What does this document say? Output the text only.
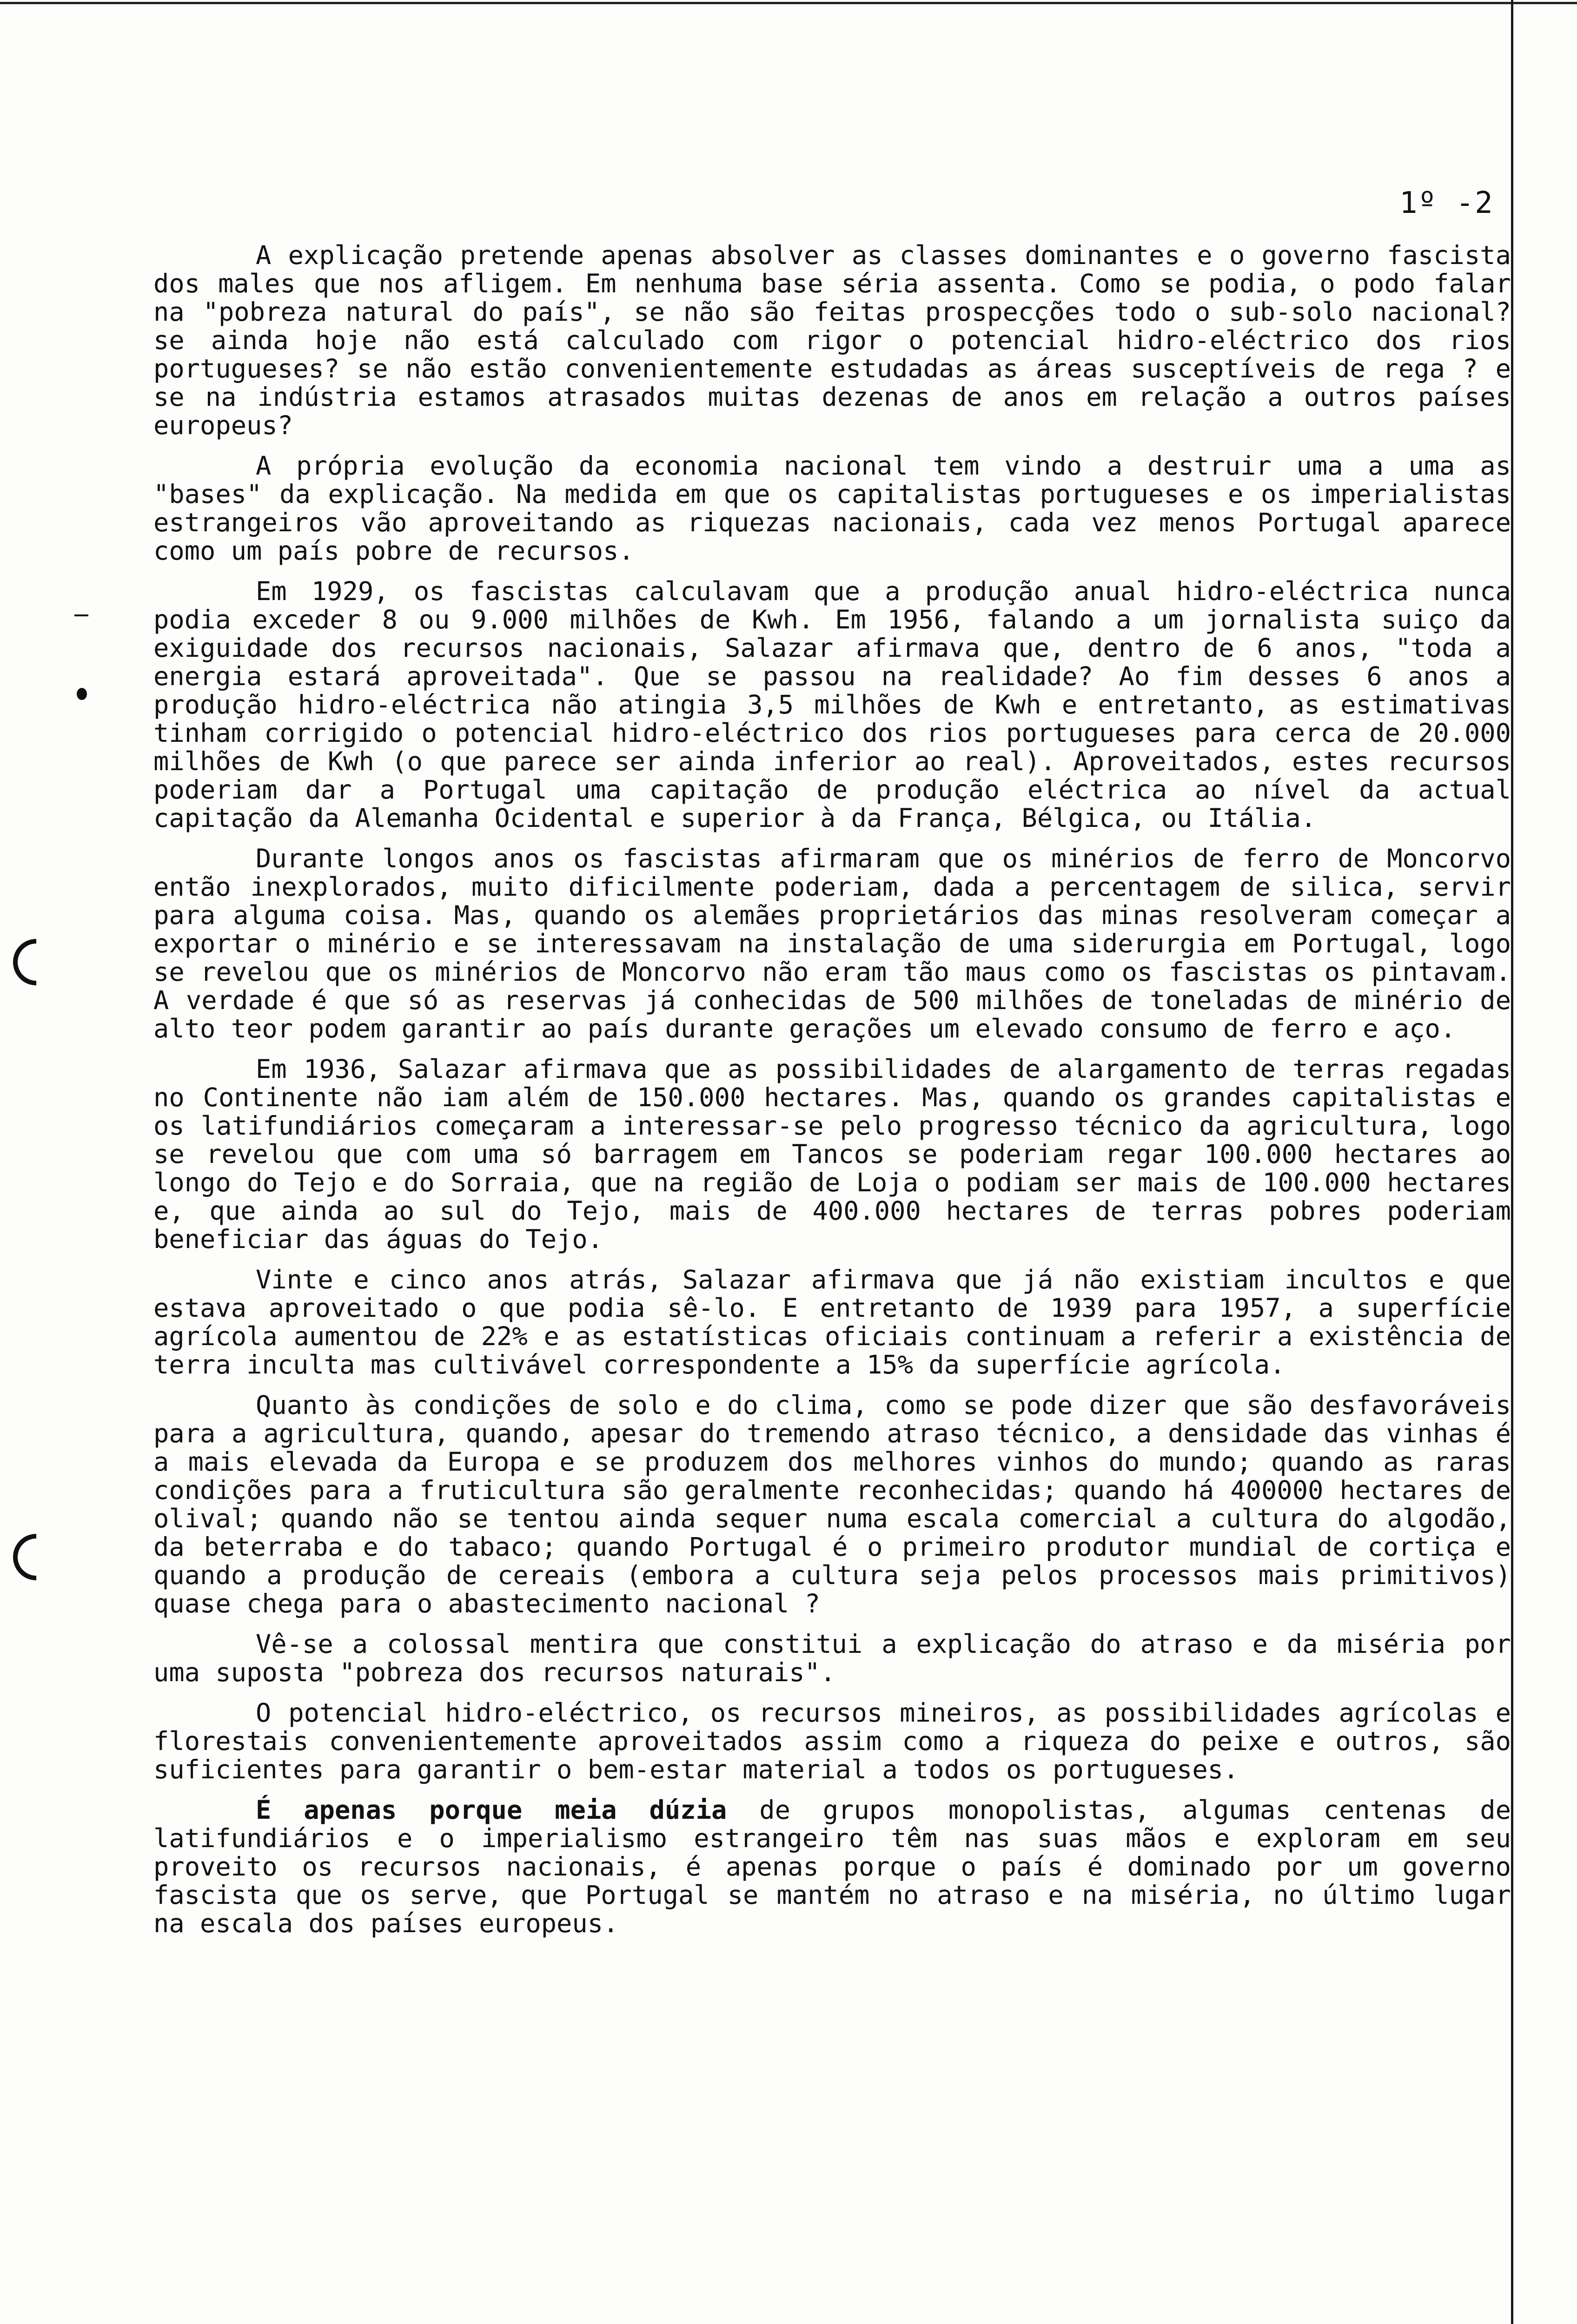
1º -2

A explicação pretende apenas absolver as classes dominantes e o governo fascista dos males que nos afligem. Em nenhuma base séria assenta. Como se podia, o podo falar na "pobreza natural do país", se não são feitas prospecções todo o sub-solo nacional? se ainda hoje não está calculado com rigor o potencial hidro-eléctrico dos rios portugueses? se não estão convenientemente estudadas as áreas susceptíveis de rega ? e se na indústria estamos atrasados muitas dezenas de anos em relação a outros países europeus?

A própria evolução da economia nacional tem vindo a destruir uma a uma as "bases" da explicação. Na medida em que os capitalistas portugueses e os imperialistas estrangeiros vão aproveitando as riquezas nacionais, cada vez menos Portugal aparece como um país pobre de recursos.

Em 1929, os fascistas calculavam que a produção anual hidro-eléctrica nunca podia exceder 8 ou 9.000 milhões de Kwh. Em 1956, falando a um jornalista suiço da exiguidade dos recursos nacionais, Salazar afirmava que, dentro de 6 anos, "toda a energia estará aproveitada". Que se passou na realidade? Ao fim desses 6 anos a produção hidro-eléctrica não atingia 3,5 milhões de Kwh e entretanto, as estimativas tinham corrigido o potencial hidro-eléctrico dos rios portugueses para cerca de 20.000 milhões de Kwh (o que parece ser ainda inferior ao real). Aproveitados, estes recursos poderiam dar a Portugal uma capitação de produção eléctrica ao nível da actual capitação da Alemanha Ocidental e superior à da França, Bélgica, ou Itália.

Durante longos anos os fascistas afirmaram que os minérios de ferro de Moncorvo então inexplorados, muito dificilmente poderiam, dada a percentagem de silica, servir para alguma coisa. Mas, quando os alemães proprietários das minas resolveram começar a exportar o minério e se interessavam na instalação de uma siderurgia em Portugal, logo se revelou que os minérios de Moncorvo não eram tão maus como os fascistas os pintavam. A verdade é que só as reservas já conhecidas de 500 milhões de toneladas de minério de alto teor podem garantir ao país durante gerações um elevado consumo de ferro e aço.

Em 1936, Salazar afirmava que as possibilidades de alargamento de terras regadas no Continente não iam além de 150.000 hectares. Mas, quando os grandes capitalistas e os latifundiários começaram a interessar-se pelo progresso técnico da agricultura, logo se revelou que com uma só barragem em Tancos se poderiam regar 100.000 hectares ao longo do Tejo e do Sorraia, que na região de Loja o podiam ser mais de 100.000 hectares e, que ainda ao sul do Tejo, mais de 400.000 hectares de terras pobres poderiam beneficiar das águas do Tejo.

Vinte e cinco anos atrás, Salazar afirmava que já não existiam incultos e que estava aproveitado o que podia sê-lo. E entretanto de 1939 para 1957, a superfície agrícola aumentou de 22% e as estatísticas oficiais continuam a referir a existência de terra inculta mas cultivável correspondente a 15% da superfície agrícola.

Quanto às condições de solo e do clima, como se pode dizer que são desfavoráveis para a agricultura, quando, apesar do tremendo atraso técnico, a densidade das vinhas é a mais elevada da Europa e se produzem dos melhores vinhos do mundo; quando as raras condições para a fruticultura são geralmente reconhecidas; quando há 400000 hectares de olival; quando não se tentou ainda sequer numa escala comercial a cultura do algodão, da beterraba e do tabaco; quando Portugal é o primeiro produtor mundial de cortiça e quando a produção de cereais (embora a cultura seja pelos processos mais primitivos) quase chega para o abastecimento nacional ?

Vê-se a colossal mentira que constitui a explicação do atraso e da miséria por uma suposta "pobreza dos recursos naturais".

O potencial hidro-eléctrico, os recursos mineiros, as possibilidades agrícolas e florestais convenientemente aproveitados assim como a riqueza do peixe e outros, são suficientes para garantir o bem-estar material a todos os portugueses.

É apenas porque meia dúzia de grupos monopolistas, algumas centenas de latifundiários e o imperialismo estrangeiro têm nas suas mãos e exploram em seu proveito os recursos nacionais, é apenas porque o país é dominado por um governo fascista que os serve, que Portugal se mantém no atraso e na miséria, no último lugar na escala dos países europeus.
